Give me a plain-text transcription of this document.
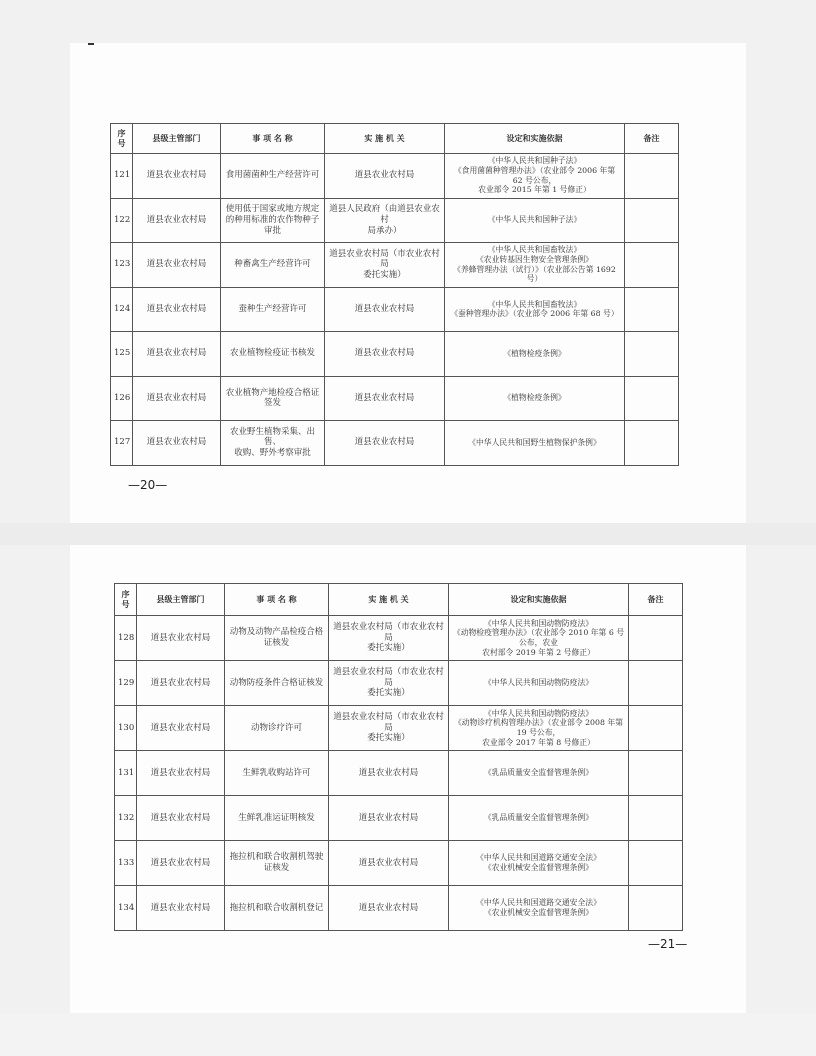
序 号	县级主管部门	事 项 名 称	实 施 机 关	设定和实施依据	备注
121	道县农业农村局	食用菌菌种生产经营许可	道县农业农村局	《中华人民共和国种子法》
《食用菌菌种管理办法》（农业部令 2006 年第 62 号公布，
农业部令 2015 年第 1 号修正）	
122	道县农业农村局	使用低于国家或地方规定
的种用标准的农作物种子
审批	道县人民政府（由道县农业农村
局承办）	《中华人民共和国种子法》	
123	道县农业农村局	种畜禽生产经营许可	道县农业农村局（市农业农村局
委托实施）	《中华人民共和国畜牧法》
《农业转基因生物安全管理条例》
《养蜂管理办法（试行）》（农业部公告第 1692 号）	
124	道县农业农村局	蚕种生产经营许可	道县农业农村局	《中华人民共和国畜牧法》
《蚕种管理办法》（农业部令 2006 年第 68 号）	
125	道县农业农村局	农业植物检疫证书核发	道县农业农村局	《植物检疫条例》	
126	道县农业农村局	农业植物产地检疫合格证
签发	道县农业农村局	《植物检疫条例》	
127	道县农业农村局	农业野生植物采集、出售、
收购、野外考察审批	道县农业农村局	《中华人民共和国野生植物保护条例》	
—20—
序 号	县级主管部门	事 项 名 称	实 施 机 关	设定和实施依据	备注
128	道县农业农村局	动物及动物产品检疫合格
证核发	道县农业农村局（市农业农村局
委托实施）	《中华人民共和国动物防疫法》
《动物检疫管理办法》（农业部令 2010 年第 6 号公布，农业
农村部令 2019 年第 2 号修正）	
129	道县农业农村局	动物防疫条件合格证核发	道县农业农村局（市农业农村局
委托实施）	《中华人民共和国动物防疫法》	
130	道县农业农村局	动物诊疗许可	道县农业农村局（市农业农村局
委托实施）	《中华人民共和国动物防疫法》
《动物诊疗机构管理办法》（农业部令 2008 年第 19 号公布，
农业部令 2017 年第 8 号修正）	
131	道县农业农村局	生鲜乳收购站许可	道县农业农村局	《乳品质量安全监督管理条例》	
132	道县农业农村局	生鲜乳准运证明核发	道县农业农村局	《乳品质量安全监督管理条例》	
133	道县农业农村局	拖拉机和联合收割机驾驶
证核发	道县农业农村局	《中华人民共和国道路交通安全法》
《农业机械安全监督管理条例》	
134	道县农业农村局	拖拉机和联合收割机登记	道县农业农村局	《中华人民共和国道路交通安全法》
《农业机械安全监督管理条例》	
—21—
